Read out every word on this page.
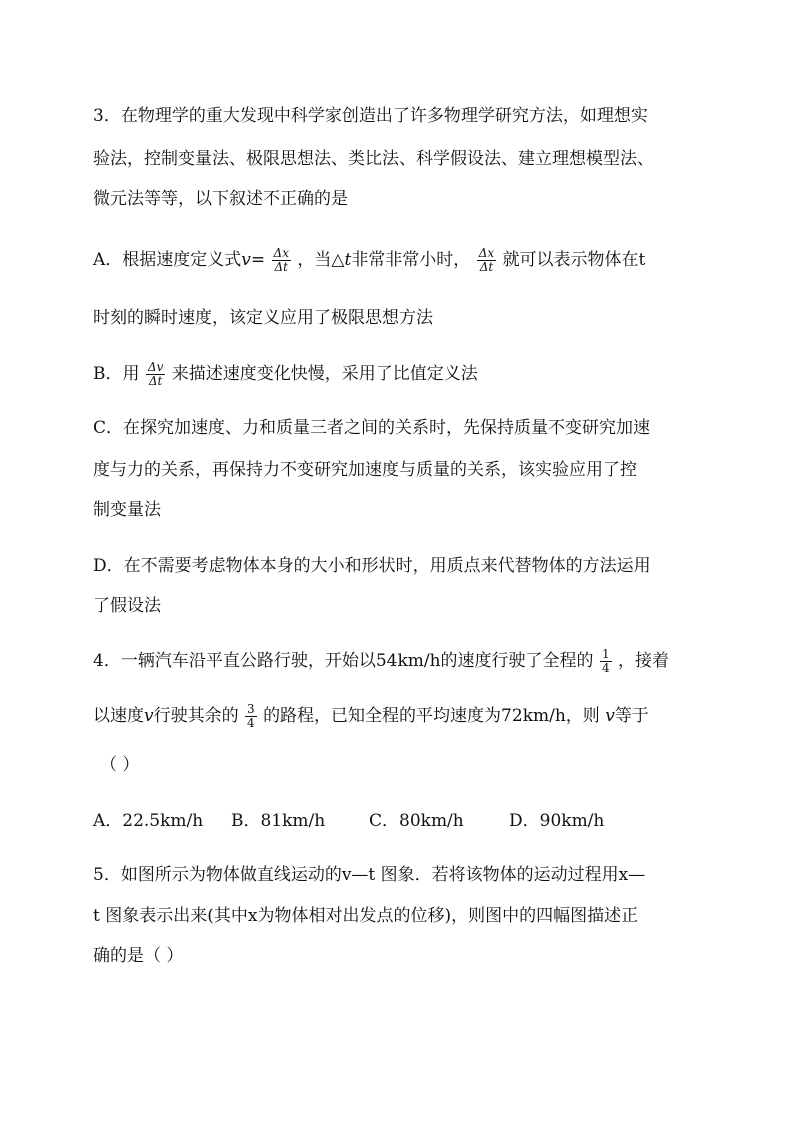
3．在物理学的重大发现中科学家创造出了许多物理学研究方法，如理想实
验法，控制变量法、极限思想法、类比法、科学假设法、建立理想模型法、
微元法等等，以下叙述不正确的是
A．根据速度定义式$v= \frac{\Delta x}{\Delta t}$ ，当△t非常非常小时， $\frac{\Delta x}{\Delta t}$ 就可以表示物体在t
时刻的瞬时速度，该定义应用了极限思想方法
B．用 $\frac{\Delta v}{\Delta t}$ 来描述速度变化快慢，采用了比值定义法
C．在探究加速度、力和质量三者之间的关系时，先保持质量不变研究加速
度与力的关系，再保持力不变研究加速度与质量的关系，该实验应用了控
制变量法
D．在不需要考虑物体本身的大小和形状时，用质点来代替物体的方法运用
了假设法
4．一辆汽车沿平直公路行驶，开始以54km/h的速度行驶了全程的 $\frac{1}{4}$ ，接着
以速度v行驶其余的 $\frac{3}{4}$ 的路程，已知全程的平均速度为72km/h，则 v等于
（ ）
A．22.5km/h B．81km/h	C．80km/h	D．90km/h
5．如图所示为物体做直线运动的v—t 图象．若将该物体的运动过程用x—
t 图象表示出来(其中x为物体相对出发点的位移)，则图中的四幅图描述正
确的是（ ）
